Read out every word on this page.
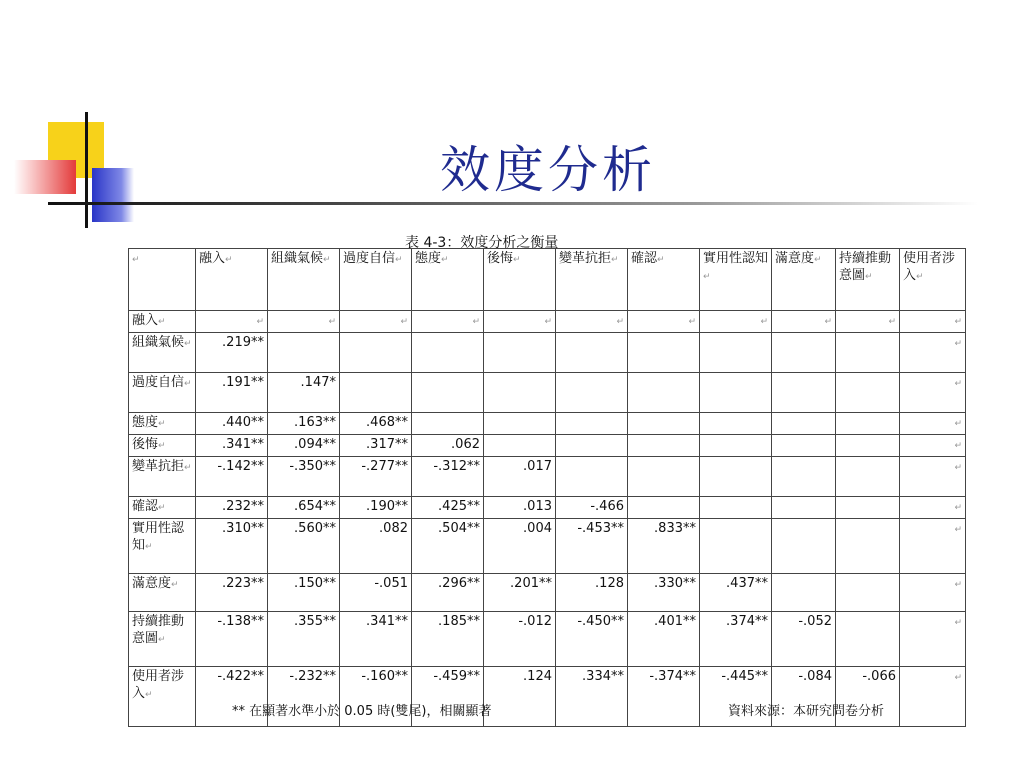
效度分析
表 4-3：效度分析之衡量
↵	融入↵	組織氣候↵	過度自信↵	態度↵	後悔↵	變革抗拒↵	確認↵	實用性認知↵	滿意度↵	持續推動意圖↵	使用者涉入↵
融入↵	↵	↵	↵	↵	↵	↵	↵	↵	↵	↵	↵
組織氣候↵	.219**										↵
過度自信↵	.191**	.147*									↵
態度↵	.440**	.163**	.468**								↵
後悔↵	.341**	.094**	.317**	.062							↵
變革抗拒↵	-.142**	-.350**	-.277**	-.312**	.017						↵
確認↵	.232**	.654**	.190**	.425**	.013	-.466					↵
實用性認知↵	.310**	.560**	.082	.504**	.004	-.453**	.833**				↵
滿意度↵	.223**	.150**	-.051	.296**	.201**	.128	.330**	.437**			↵
持續推動意圖↵	-.138**	.355**	.341**	.185**	-.012	-.450**	.401**	.374**	-.052		↵
使用者涉入↵	-.422**	-.232**	-.160**	-.459**	.124	.334**	-.374**	-.445**	-.084	-.066	↵
** 在顯著水準小於 0.05 時(雙尾)，相關顯著	資料來源：本研究問卷分析
